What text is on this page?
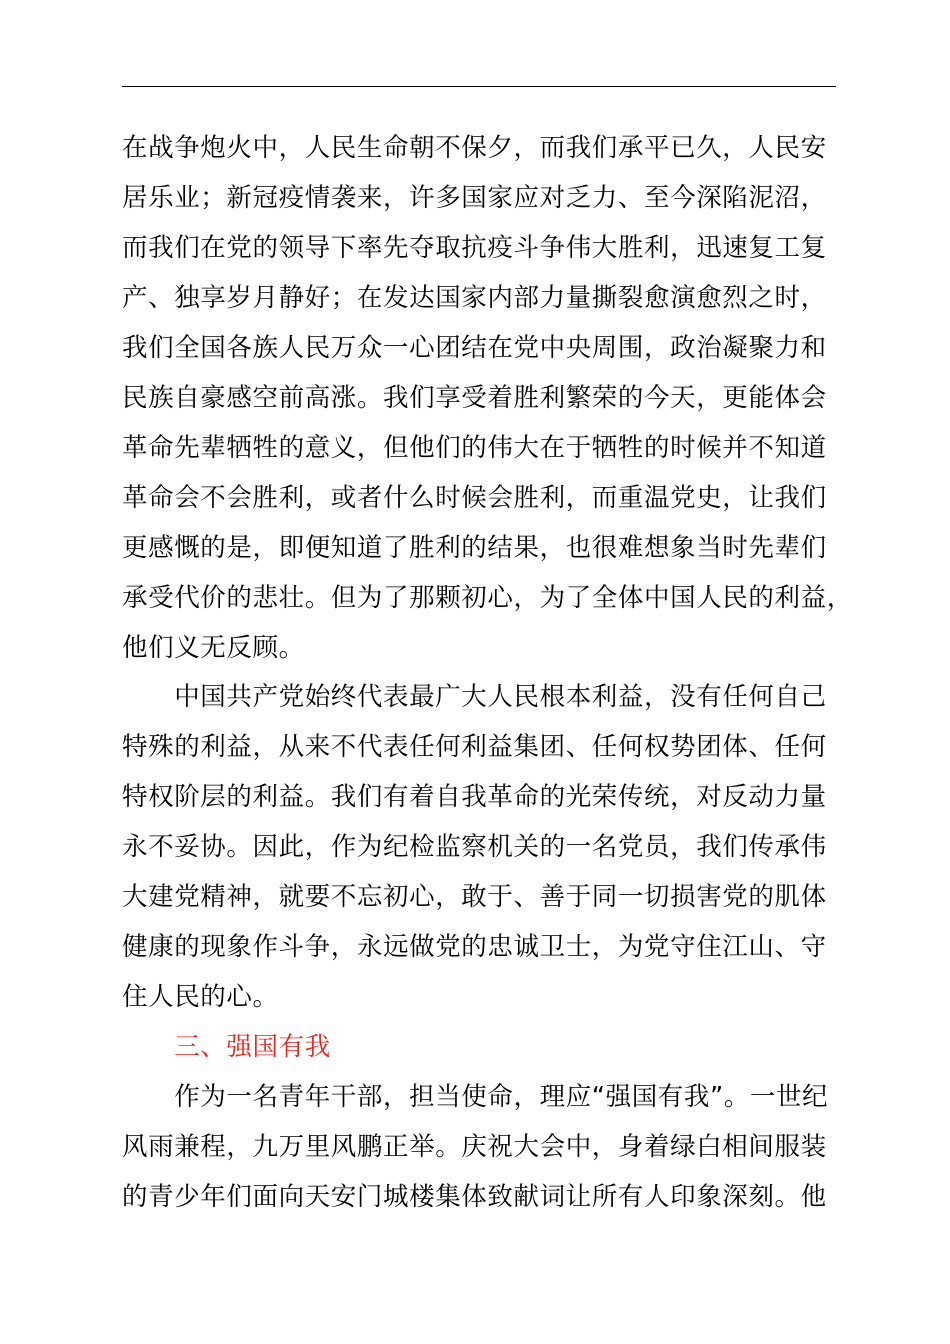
在战争炮火中，人民生命朝不保夕，而我们承平已久，人民安
居乐业；新冠疫情袭来，许多国家应对乏力、至今深陷泥沼，
而我们在党的领导下率先夺取抗疫斗争伟大胜利，迅速复工复
产、独享岁月静好；在发达国家内部力量撕裂愈演愈烈之时，
我们全国各族人民万众一心团结在党中央周围，政治凝聚力和
民族自豪感空前高涨。我们享受着胜利繁荣的今天，更能体会
革命先辈牺牲的意义，但他们的伟大在于牺牲的时候并不知道
革命会不会胜利，或者什么时候会胜利，而重温党史，让我们
更感慨的是，即便知道了胜利的结果，也很难想象当时先辈们
承受代价的悲壮。但为了那颗初心，为了全体中国人民的利益，
他们义无反顾。
　　中国共产党始终代表最广大人民根本利益，没有任何自己
特殊的利益，从来不代表任何利益集团、任何权势团体、任何
特权阶层的利益。我们有着自我革命的光荣传统，对反动力量
永不妥协。因此，作为纪检监察机关的一名党员，我们传承伟
大建党精神，就要不忘初心，敢于、善于同一切损害党的肌体
健康的现象作斗争，永远做党的忠诚卫士，为党守住江山、守
住人民的心。
　　三、强国有我
　　作为一名青年干部，担当使命，理应“强国有我”。一世纪
风雨兼程，九万里风鹏正举。庆祝大会中，身着绿白相间服装
的青少年们面向天安门城楼集体致献词让所有人印象深刻。他
